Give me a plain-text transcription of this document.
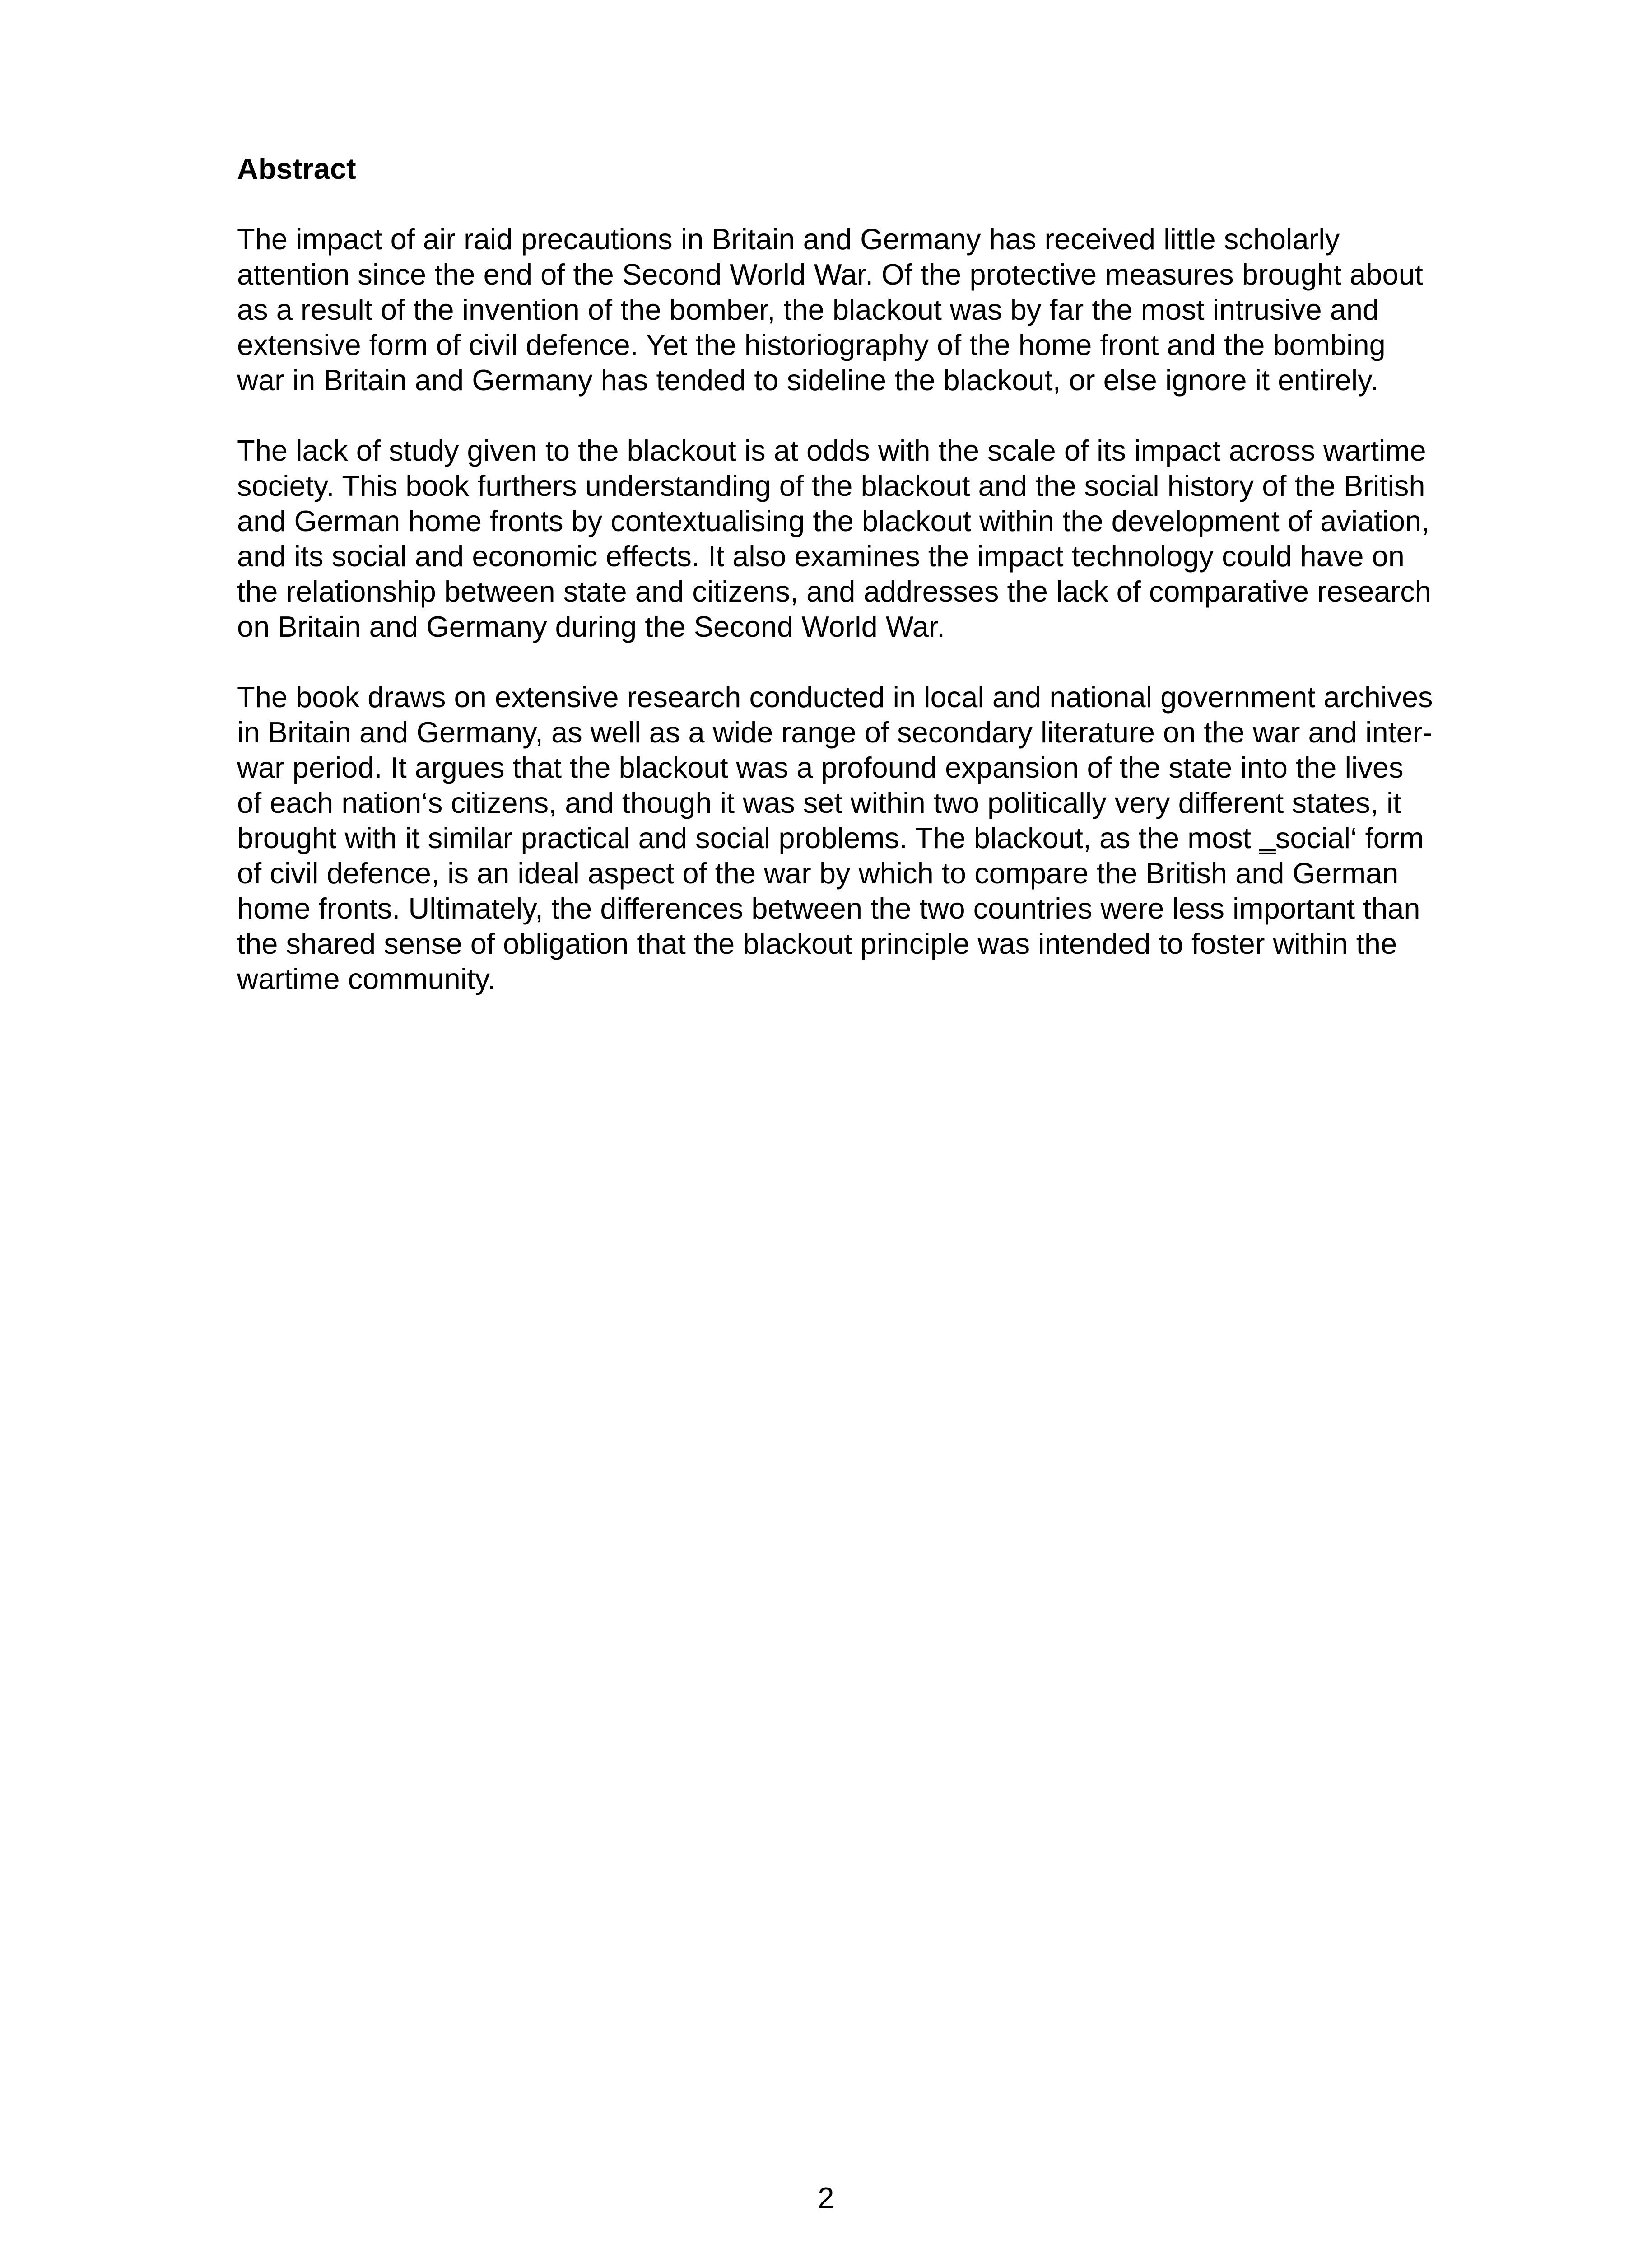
Abstract

The impact of air raid precautions in Britain and Germany has received little scholarly attention since the end of the Second World War. Of the protective measures brought about as a result of the invention of the bomber, the blackout was by far the most intrusive and extensive form of civil defence. Yet the historiography of the home front and the bombing war in Britain and Germany has tended to sideline the blackout, or else ignore it entirely.

The lack of study given to the blackout is at odds with the scale of its impact across wartime society. This book furthers understanding of the blackout and the social history of the British and German home fronts by contextualising the blackout within the development of aviation, and its social and economic effects. It also examines the impact technology could have on the relationship between state and citizens, and addresses the lack of comparative research on Britain and Germany during the Second World War.

The book draws on extensive research conducted in local and national government archives in Britain and Germany, as well as a wide range of secondary literature on the war and inter-war period. It argues that the blackout was a profound expansion of the state into the lives of each nation‘s citizens, and though it was set within two politically very different states, it brought with it similar practical and social problems. The blackout, as the most ‗social‘ form of civil defence, is an ideal aspect of the war by which to compare the British and German home fronts. Ultimately, the differences between the two countries were less important than the shared sense of obligation that the blackout principle was intended to foster within the wartime community.

2
